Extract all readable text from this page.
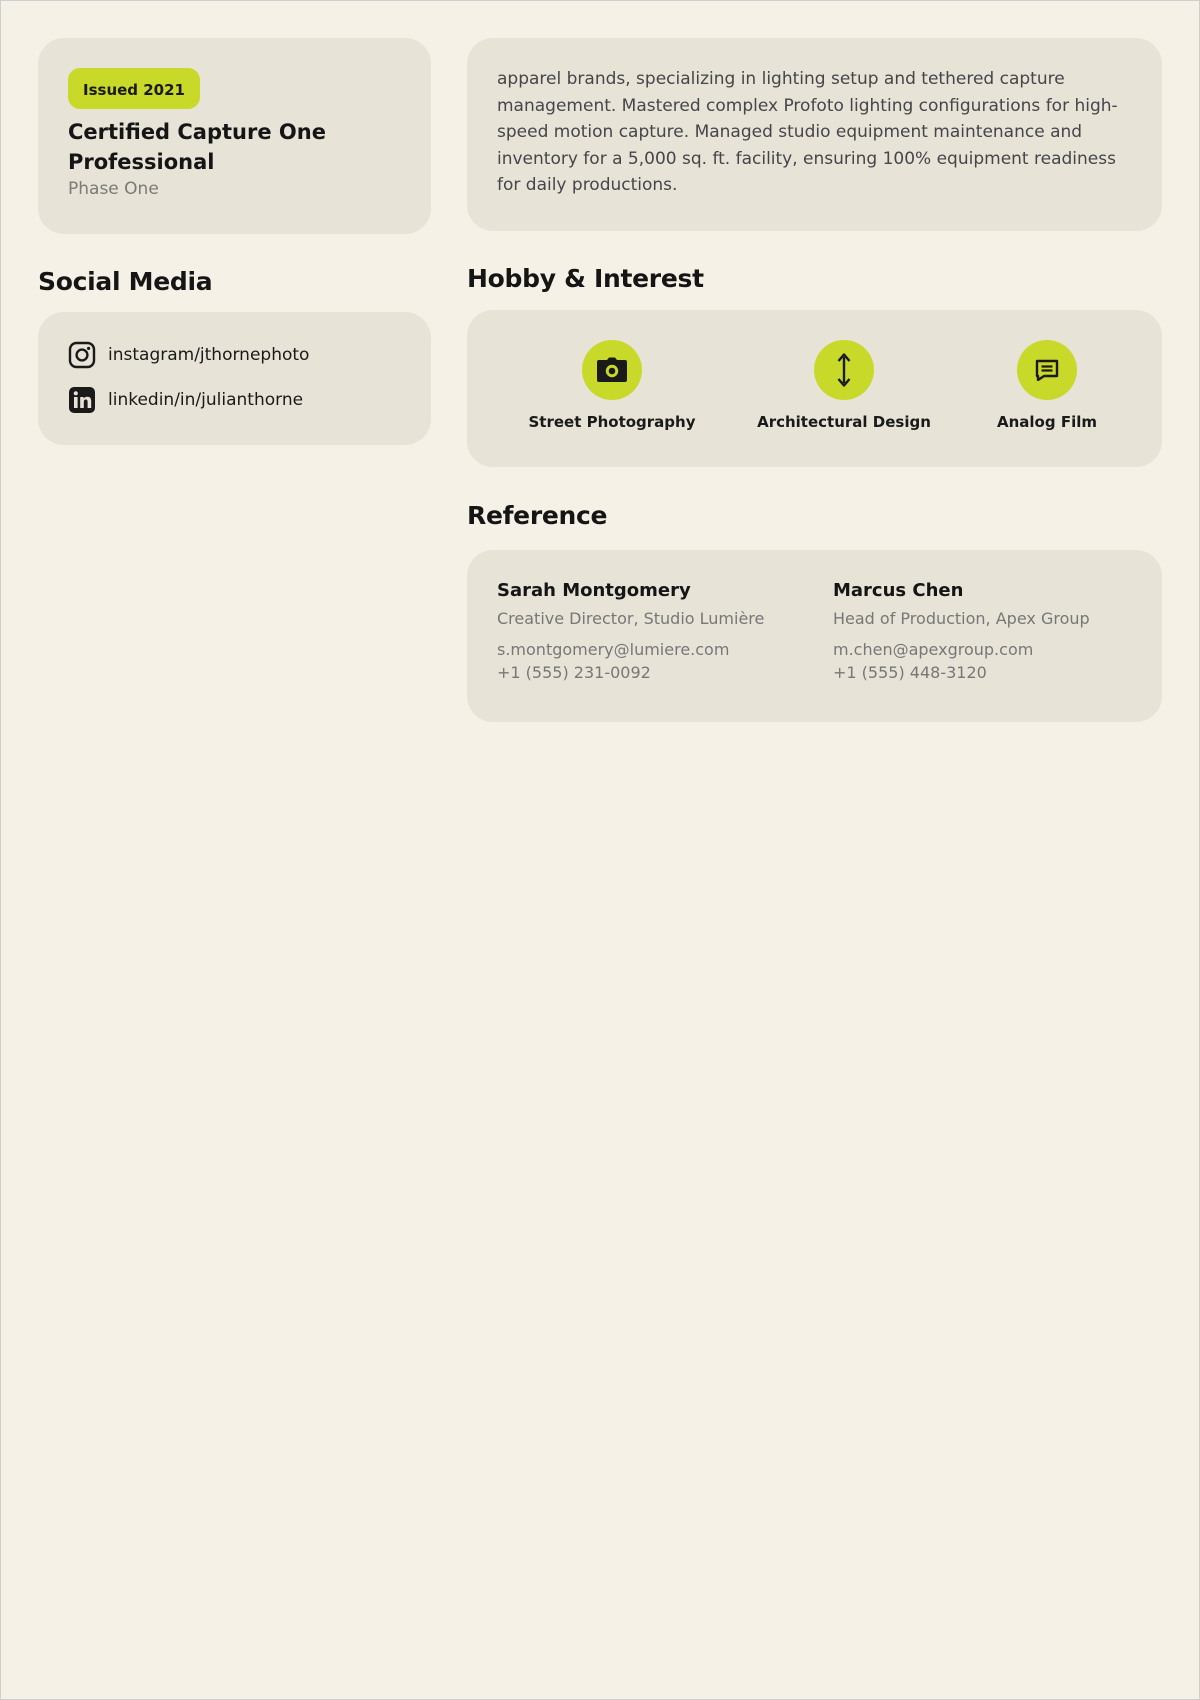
Issued 2021
Certified Capture One Professional
Phase One
Social Media
instagram/jthornephoto
linkedin/in/julianthorne

apparel brands, specializing in lighting setup and tethered capture management. Mastered complex Profoto lighting configurations for high-speed motion capture. Managed studio equipment maintenance and inventory for a 5,000 sq. ft. facility, ensuring 100% equipment readiness for daily productions.

Hobby & Interest
Street Photography	Architectural Design	Analog Film
Reference
Sarah Montgomery
Creative Director, Studio Lumière
s.montgomery@lumiere.com
+1 (555) 231-0092
Marcus Chen
Head of Production, Apex Group
m.chen@apexgroup.com
+1 (555) 448-3120
